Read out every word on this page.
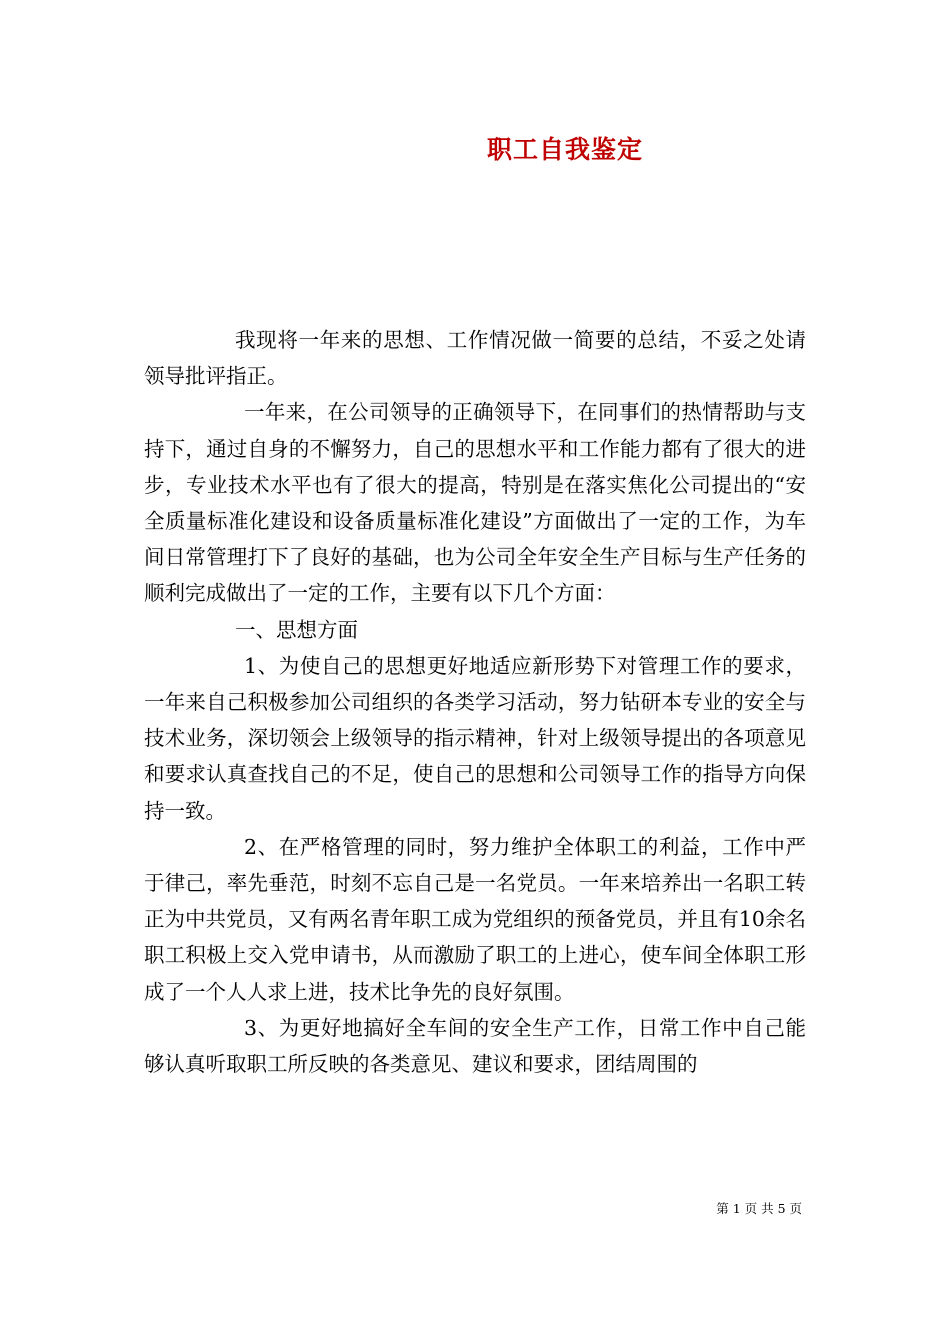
职工自我鉴定

我现将一年来的思想、工作情况做一简要的总结，不妥之处请领导批评指正。

一年来，在公司领导的正确领导下，在同事们的热情帮助与支持下，通过自身的不懈努力，自己的思想水平和工作能力都有了很大的进步，专业技术水平也有了很大的提高，特别是在落实焦化公司提出的“安全质量标准化建设和设备质量标准化建设”方面做出了一定的工作，为车间日常管理打下了良好的基础，也为公司全年安全生产目标与生产任务的顺利完成做出了一定的工作，主要有以下几个方面：

一、思想方面

1、为使自己的思想更好地适应新形势下对管理工作的要求，一年来自己积极参加公司组织的各类学习活动，努力钻研本专业的安全与技术业务，深切领会上级领导的指示精神，针对上级领导提出的各项意见和要求认真查找自己的不足，使自己的思想和公司领导工作的指导方向保持一致。

2、在严格管理的同时，努力维护全体职工的利益，工作中严于律己，率先垂范，时刻不忘自己是一名党员。一年来培养出一名职工转正为中共党员，又有两名青年职工成为党组织的预备党员，并且有10余名职工积极上交入党申请书，从而激励了职工的上进心，使车间全体职工形成了一个人人求上进，技术比争先的良好氛围。

3、为更好地搞好全车间的安全生产工作，日常工作中自己能够认真听取职工所反映的各类意见、建议和要求，团结周围的

第 1 页 共 5 页
